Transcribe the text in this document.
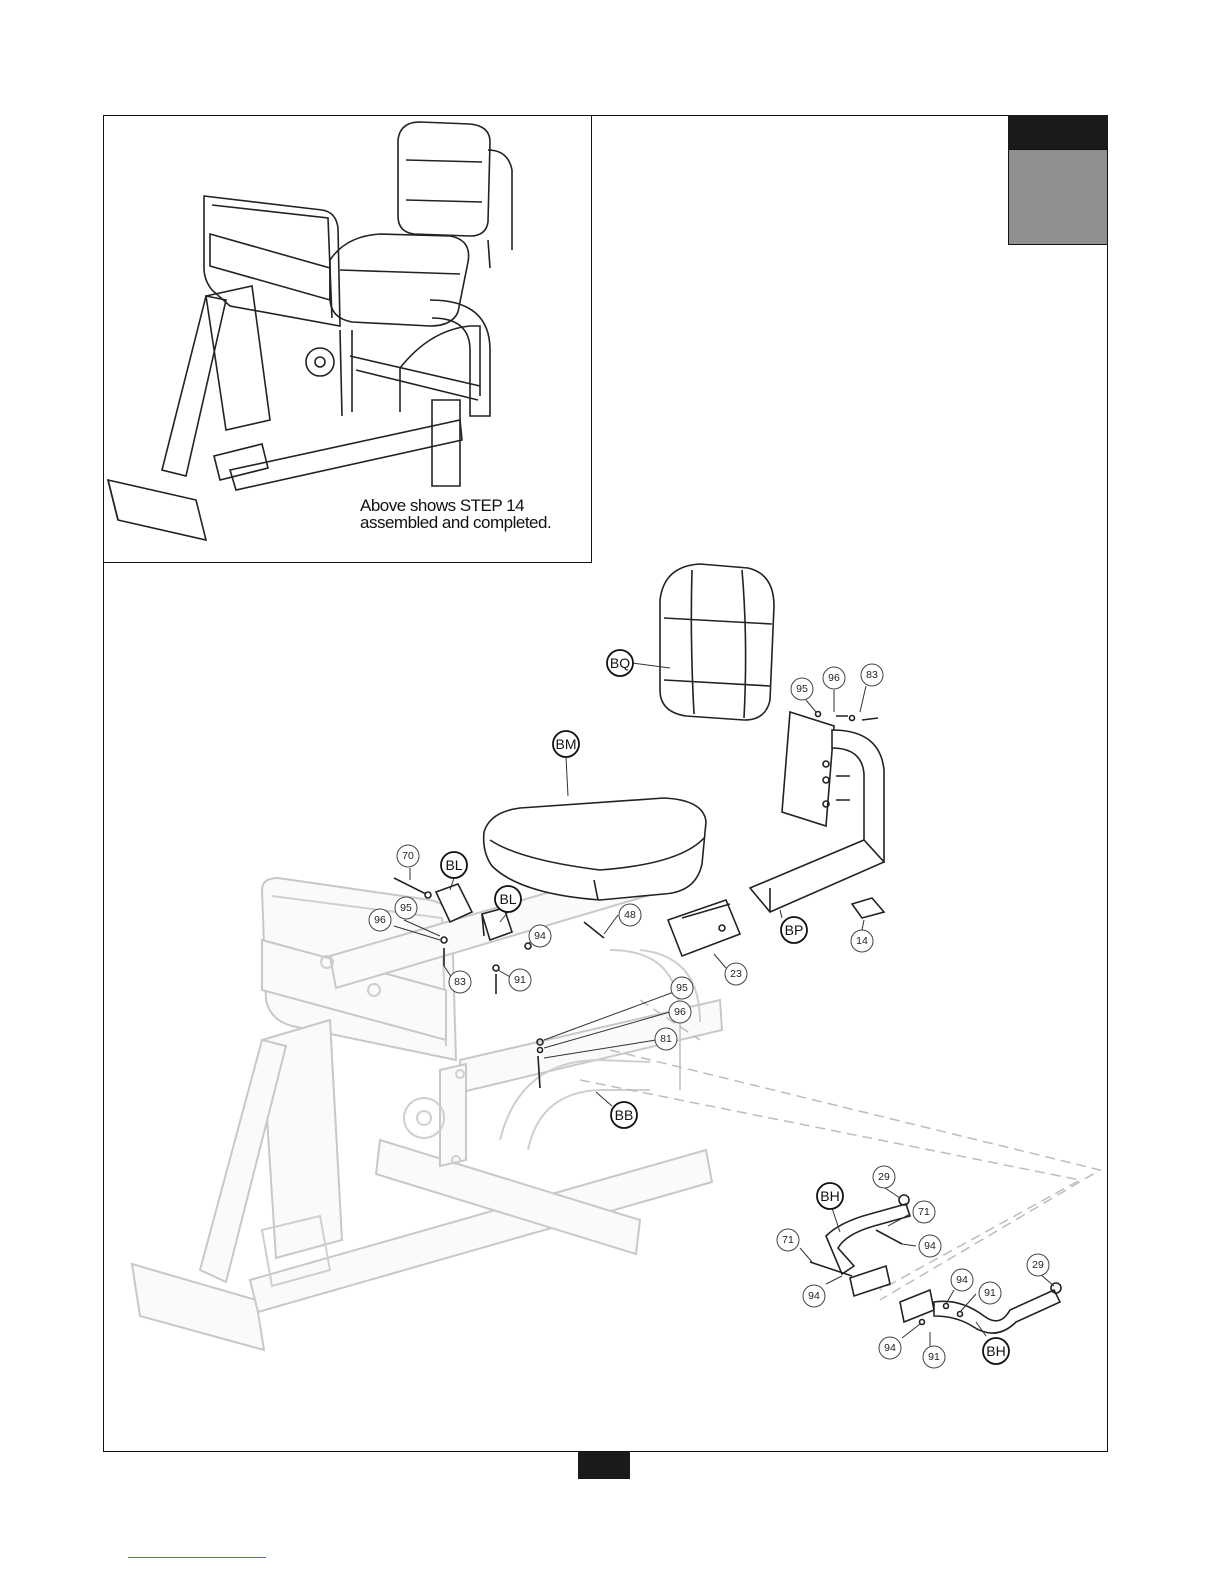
Above shows STEP 14
assembled and completed.
BQ
BM
BL
BL
BP
BB
BH
BH
95
96	83
70
95
96
83
48
94
91	23
14
95
96
81
29
71
94
71
94
29
94
91
94
91
